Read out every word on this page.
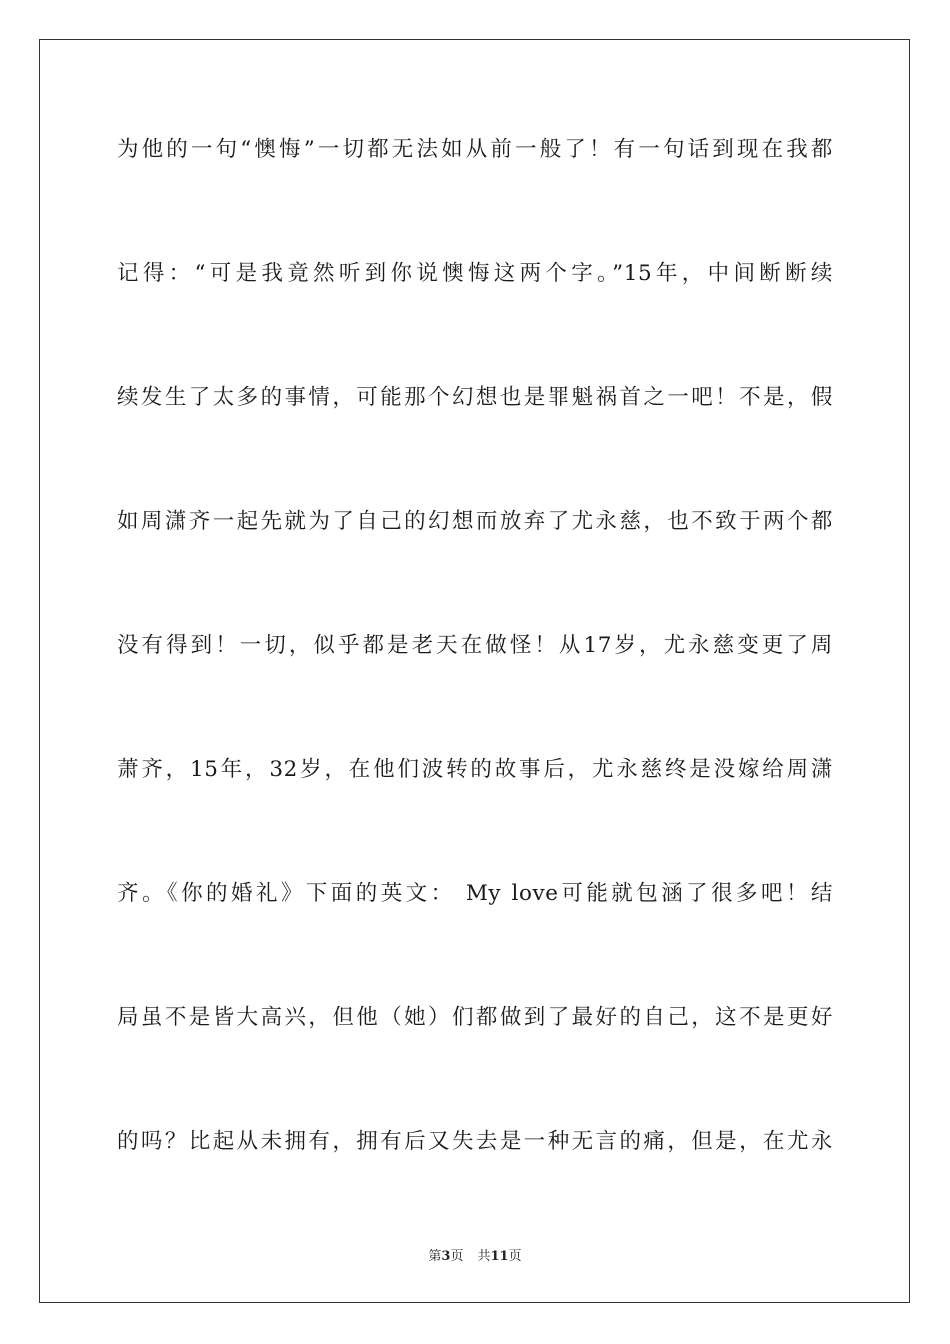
为他的一句“懊悔”一切都无法如从前一般了！有一句话到现在我都
记得：“可是我竟然听到你说懊悔这两个字。”15年，中间断断续
续发生了太多的事情，可能那个幻想也是罪魁祸首之一吧！不是，假
如周潇齐一起先就为了自己的幻想而放弃了尤永慈，也不致于两个都
没有得到！一切，似乎都是老天在做怪！从17岁，尤永慈变更了周
萧齐，15年，32岁，在他们波转的故事后，尤永慈终是没嫁给周潇
齐。《你的婚礼》下面的英文： My love可能就包涵了很多吧！结
局虽不是皆大高兴，但他（她）们都做到了最好的自己，这不是更好
的吗？比起从未拥有，拥有后又失去是一种无言的痛，但是，在尤永
第3页 共11页
